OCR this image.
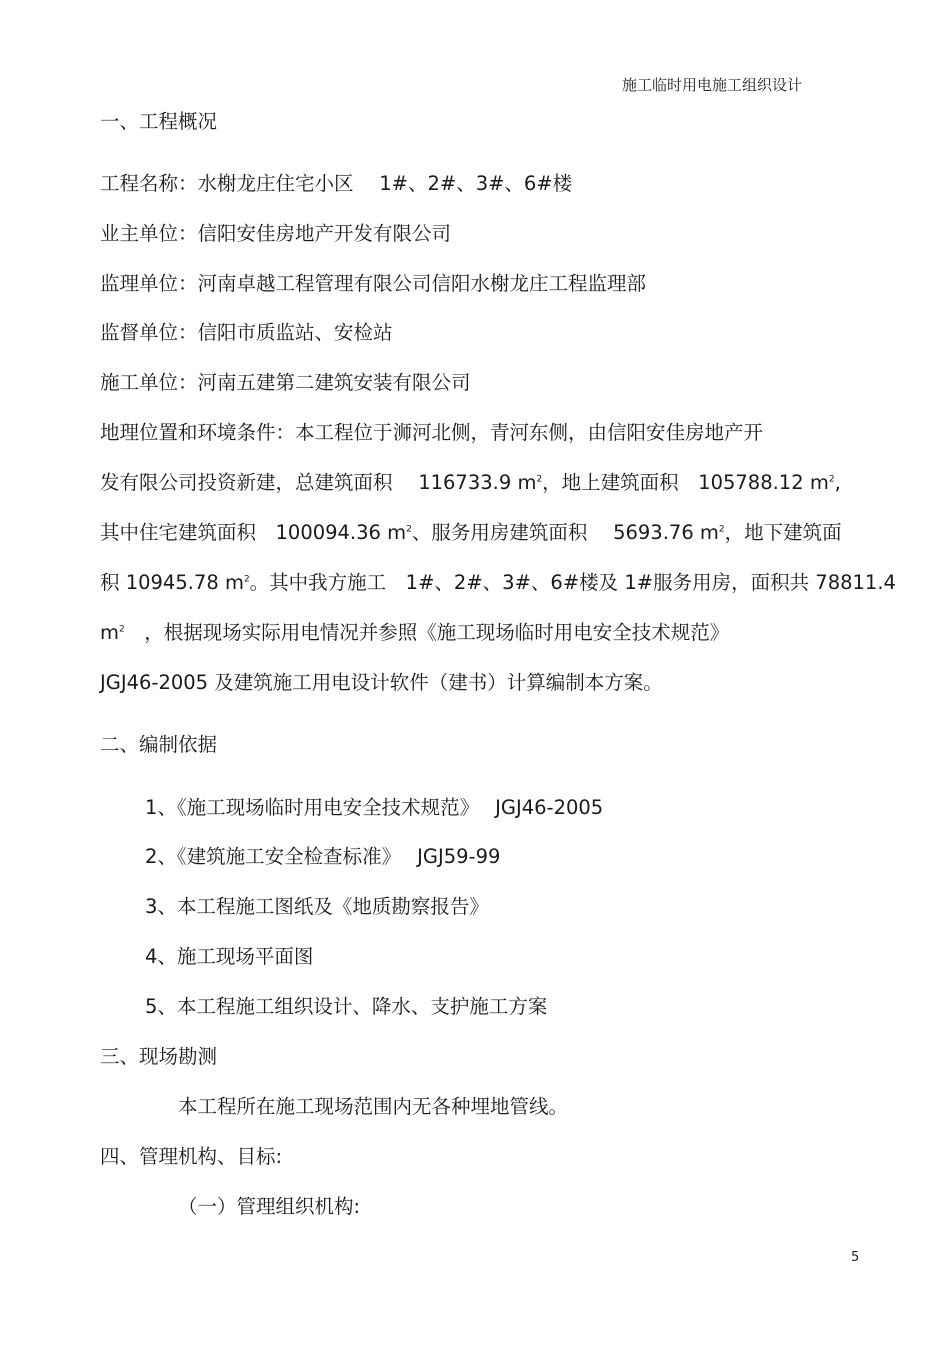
施工临时用电施工组织设计
一、工程概况
工程名称：水榭龙庄住宅小区　 1#、2#、3#、6#楼
业主单位：信阳安佳房地产开发有限公司
监理单位：河南卓越工程管理有限公司信阳水榭龙庄工程监理部
监督单位：信阳市质监站、安检站
施工单位：河南五建第二建筑安装有限公司
地理位置和环境条件：本工程位于浉河北侧，青河东侧，由信阳安佳房地产开
发有限公司投资新建，总建筑面积　 116733.9 $m^2$，地上建筑面积　105788.12 $m^2$,
其中住宅建筑面积　100094.36 $m^2$、服务用房建筑面积　 5693.76 $m^2$，地下建筑面
积 10945.78 $m^2$。其中我方施工　1#、2#、3#、6#楼及 1#服务用房，面积共 78811.4
$m^2$　，根据现场实际用电情况并参照《施工现场临时用电安全技术规范》
JGJ46-2005 及建筑施工用电设计软件（建书）计算编制本方案。
二、编制依据
1、《施工现场临时用电安全技术规范》　 JGJ46-2005
2、《建筑施工安全检查标准》　 JGJ59-99
3、本工程施工图纸及《地质勘察报告》
4、施工现场平面图
5、本工程施工组织设计、降水、支护施工方案
三、现场勘测
本工程所在施工现场范围内无各种埋地管线。
四、管理机构、目标:
（一）管理组织机构:
5
